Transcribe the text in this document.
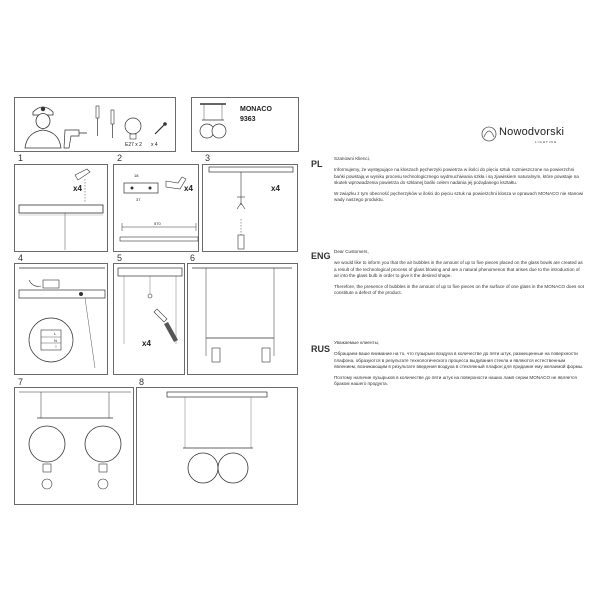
E27 x 2 x 4
MONACO
9363
Nowodvorski
LIGHTING
1
x4
2
18
37
570
x4
3
x4
4
L
N
⏚
5
x4
6
7	8
PL

Szanowni Klienci,

Informujemy, że występujące na kloszach pęcherzyki powietrza w ilości do pięciu sztuk rozmieszczone na powierzchni bańki powstają w wyniku procesu technologicznego wydmuchiwania szkła i są zjawiskiem naturalnym, które powstaje na skutek wprowadzenia powietrza do szklanej bańki celem nadania jej pożądanego kształtu.

W związku z tym obecność pęcherzyków w ilości do pięciu sztuk na powierzchni klosza w oprawach MONACO nie stanowi wady naszego produktu.

ENG Dear Customers,

we would like to inform you that the air bubbles in the amount of up to five pieces placed on the glass bowls are created as a result of the technological process of glass blowing and are a natural phenomenon that arises due to the introduction of air into the glass bulb in order to give it the desired shape.

Therefore, the presence of bubbles in the amount of up to five pieces on the surface of one glass in the MONACO does not constitute a defect of the product.

RUS

Уважаемые клиенты,

Обращаем ваше внимание на то, что пузырьки воздуха в количестве до пяти штук, размещенные на поверхности плафона, образуются в результате технологического процесса выдувания стекла и являются естественным явлением, возникающим в результате введения воздуха в стеклянный плафон для придания ему желаемой формы.

Поэтому наличие пузырьков в количестве до пяти штук на поверхности наших ламп серии MONACO не является браком нашего продукта.
